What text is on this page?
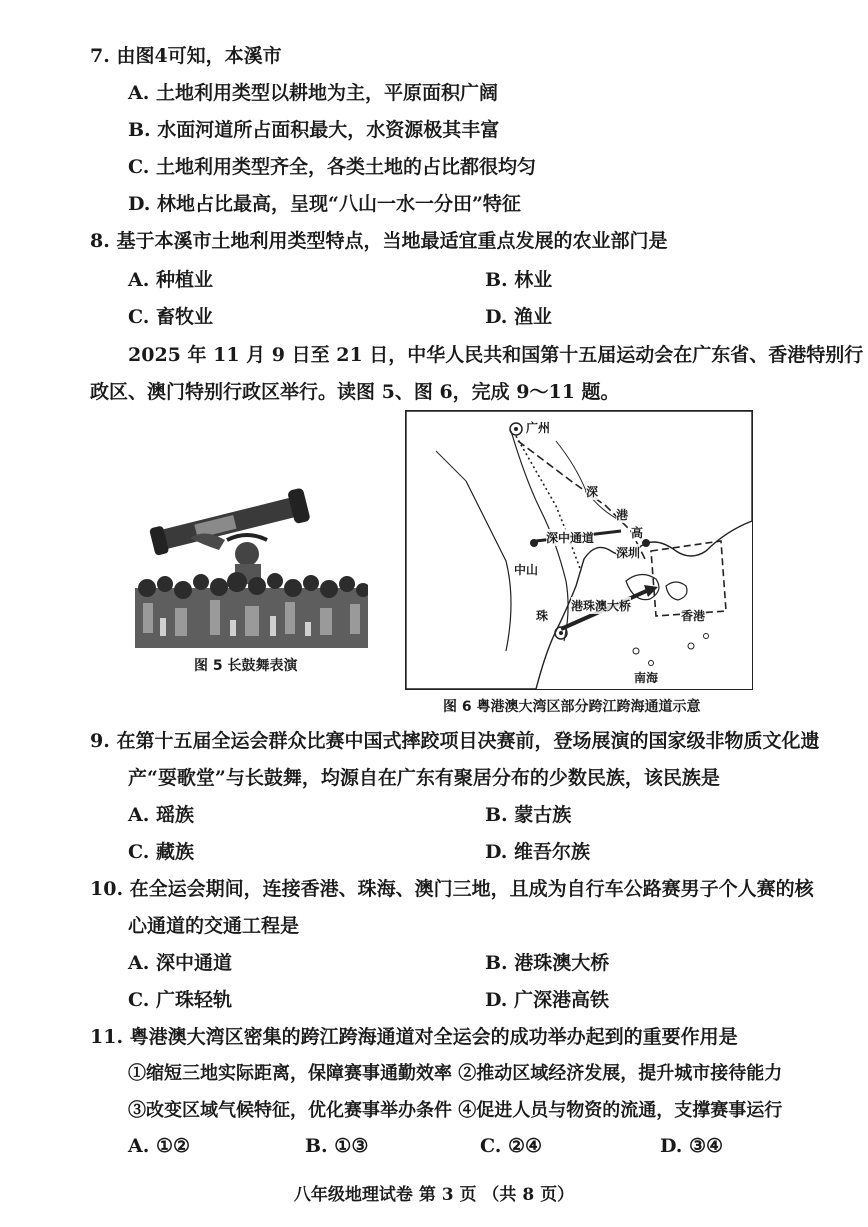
7. 由图4可知，本溪市
A. 土地利用类型以耕地为主，平原面积广阔
B. 水面河道所占面积最大，水资源极其丰富
C. 土地利用类型齐全，各类土地的占比都很均匀
D. 林地占比最高，呈现“八山一水一分田”特征
8. 基于本溪市土地利用类型特点，当地最适宜重点发展的农业部门是
A. 种植业	B. 林业
C. 畜牧业	D. 渔业
2025 年 11 月 9 日至 21 日，中华人民共和国第十五届运动会在广东省、香港特别行
政区、澳门特别行政区举行。读图 5、图 6，完成 9～11 题。
图 5 长鼓舞表演
广州
深
港
高
深中通道
深圳
中山
珠
港珠澳大桥
香港
南海
图 6 粤港澳大湾区部分跨江跨海通道示意
9. 在第十五届全运会群众比赛中国式摔跤项目决赛前，登场展演的国家级非物质文化遗
产“耍歌堂”与长鼓舞，均源自在广东有聚居分布的少数民族，该民族是
A. 瑶族	B. 蒙古族
C. 藏族	D. 维吾尔族
10. 在全运会期间，连接香港、珠海、澳门三地，且成为自行车公路赛男子个人赛的核
心通道的交通工程是
A. 深中通道	B. 港珠澳大桥
C. 广珠轻轨	D. 广深港高铁
11. 粤港澳大湾区密集的跨江跨海通道对全运会的成功举办起到的重要作用是
①缩短三地实际距离，保障赛事通勤效率 ②推动区域经济发展，提升城市接待能力
③改变区域气候特征，优化赛事举办条件 ④促进人员与物资的流通，支撑赛事运行
A. ①②	B. ①③	C. ②④	D. ③④
八年级地理试卷 第 3 页 （共 8 页）
